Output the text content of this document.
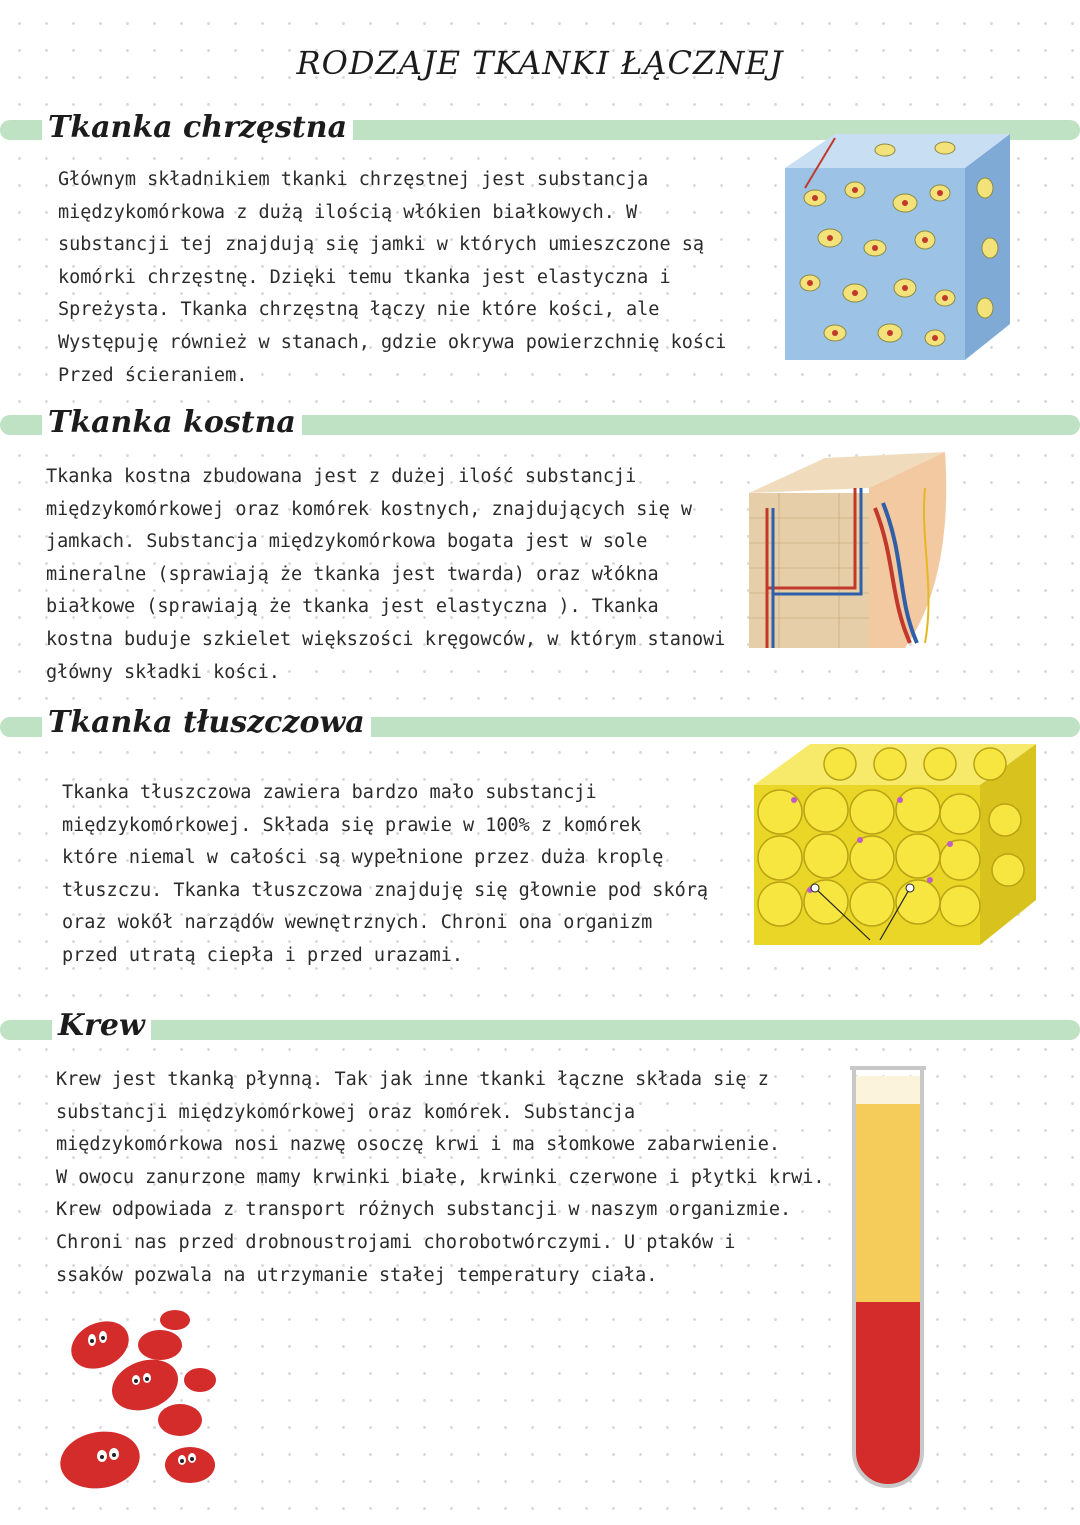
RODZAJE TKANKI ŁĄCZNEJ
Tkanka chrzęstna

Głównym składnikiem tkanki chrzęstnej jest substancja
międzykomórkowa z dużą ilością włókien białkowych. W
substancji tej znajdują się jamki w których umieszczone są
komórki chrzęstnę. Dzięki temu tkanka jest elastyczna i
Spreżysta. Tkanka chrzęstną łączy nie które kości, ale
Występuję również w stanach, gdzie okrywa powierzchnię kości
Przed ścieraniem.

Tkanka kostna

Tkanka kostna zbudowana jest z dużej ilość substancji
międzykomórkowej oraz komórek kostnych, znajdujących się w
jamkach. Substancja międzykomórkowa bogata jest w sole
mineralne (sprawiają że tkanka jest twarda) oraz włókna
białkowe (sprawiają że tkanka jest elastyczna ). Tkanka
kostna buduje szkielet większości kręgowców, w którym stanowi
główny składki kości.

Tkanka tłuszczowa

Tkanka tłuszczowa zawiera bardzo mało substancji
międzykomórkowej. Składa się prawie w 100% z komórek
które niemal w całości są wypełnione przez duża kroplę
tłuszczu. Tkanka tłuszczowa znajduję się głownie pod skórą
oraz wokół narządów wewnętrznych. Chroni ona organizm
przed utratą ciepła i przed urazami.

Krew

Krew jest tkanką płynną. Tak jak inne tkanki łączne składa się z
substancji międzykomórkowej oraz komórek. Substancja
międzykomórkowa nosi nazwę osoczę krwi i ma słomkowe zabarwienie.
W owocu zanurzone mamy krwinki białe, krwinki czerwone i płytki krwi.
Krew odpowiada z transport różnych substancji w naszym organizmie.
Chroni nas przed drobnoustrojami chorobotwórczymi. U ptaków i
ssaków pozwala na utrzymanie stałej temperatury ciała.
